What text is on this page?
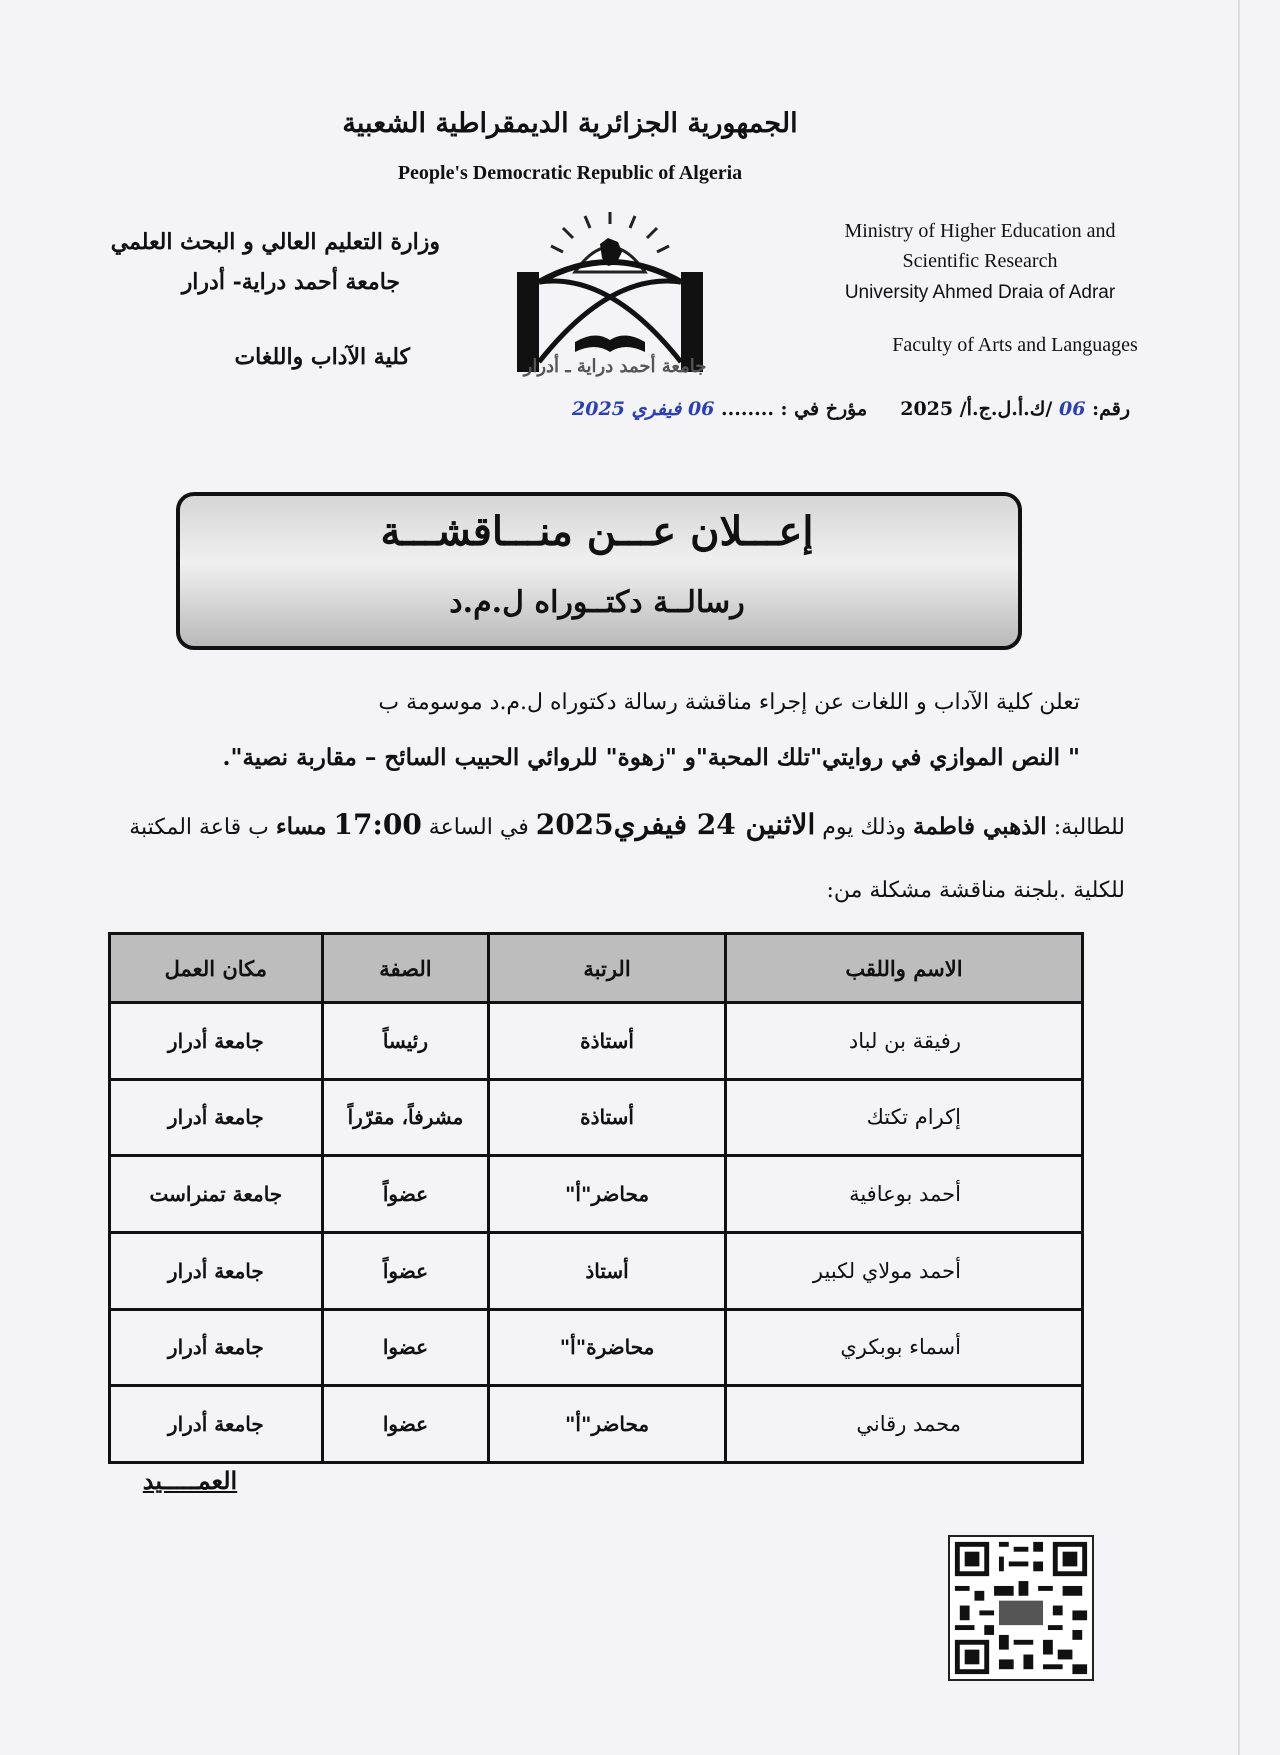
الجمهورية الجزائرية الديمقراطية الشعبية
People's Democratic Republic of Algeria
وزارة التعليم العالي و البحث العلمي
جامعة أحمد دراية- أدرار
كلية الآداب واللغات
Ministry of Higher Education and
Scientific Research
University Ahmed Draia of Adrar
Faculty of Arts and Languages
جامعة أحمد دراية ـ أدرار
رقم: 06 /ك.أ.ل.ج.أ/ 2025     مؤرخ في : ........ 06 فيفري 2025
إعـــلان عـــن منـــاقشـــة
رسالــة دكتــوراه ل.م.د
تعلن كلية الآداب و اللغات عن إجراء مناقشة رسالة دكتوراه ل.م.د موسومة ب
" النص الموازي في روايتي"تلك المحبة"و "زهوة" للروائي الحبيب السائح – مقاربة نصية".
للطالبة: الذهبي فاطمة وذلك يوم الاثنين 24 فيفري2025 في الساعة 17:00 مساء ب قاعة المكتبة
للكلية .بلجنة مناقشة مشكلة من:
الاسم واللقب	الرتبة	الصفة	مكان العمل
رفيقة بن لباد	أستاذة	رئيساً	جامعة أدرار
إكرام تكتك	أستاذة	مشرفاً، مقرّراً	جامعة أدرار
أحمد بوعافية	محاضر"أ"	عضواً	جامعة تمنراست
أحمد مولاي لكبير	أستاذ	عضواً	جامعة أدرار
أسماء بوبكري	محاضرة"أ"	عضوا	جامعة أدرار
محمد رقاني	محاضر"أ"	عضوا	جامعة أدرار
العمـــــيد
